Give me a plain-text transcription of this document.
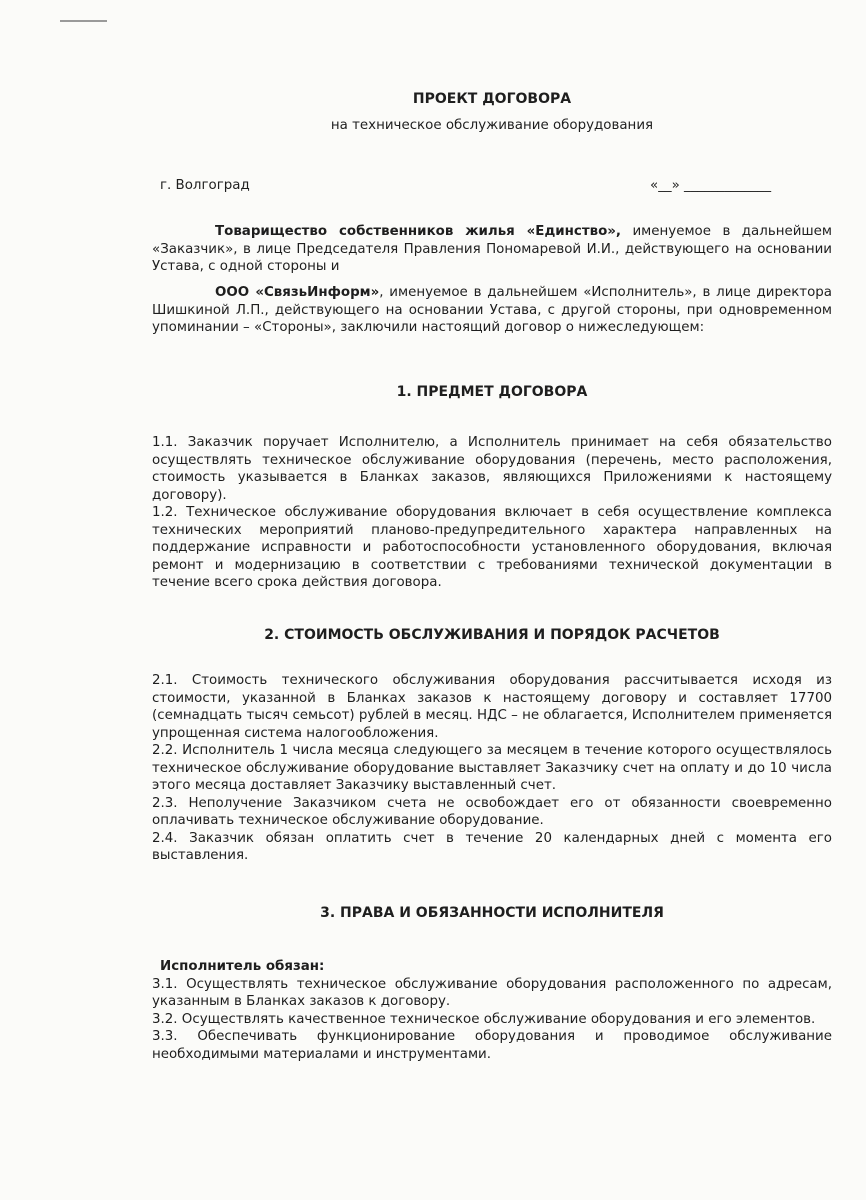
ПРОЕКТ ДОГОВОРА
на техническое обслуживание оборудования
г. Волгоград	«__» _____________
Товарищество собственников жилья «Единство», именуемое в дальнейшем «Заказчик», в лице Председателя Правления Пономаревой И.И., действующего на основании Устава, с одной стороны и
ООО «СвязьИнформ», именуемое в дальнейшем «Исполнитель», в лице директора Шишкиной Л.П., действующего на основании Устава, с другой стороны, при одновременном упоминании – «Стороны», заключили настоящий договор о нижеследующем:
1. ПРЕДМЕТ ДОГОВОРА

1.1. Заказчик поручает Исполнителю, а Исполнитель принимает на себя обязательство осуществлять техническое обслуживание оборудования (перечень, место расположения, стоимость указывается в Бланках заказов, являющихся Приложениями к настоящему договору).

1.2. Техническое обслуживание оборудования включает в себя осуществление комплекса технических мероприятий планово-предупредительного характера направленных на поддержание исправности и работоспособности установленного оборудования, включая ремонт и модернизацию в соответствии с требованиями технической документации в течение всего срока действия договора.

2. СТОИМОСТЬ ОБСЛУЖИВАНИЯ И ПОРЯДОК РАСЧЕТОВ

2.1. Стоимость технического обслуживания оборудования рассчитывается исходя из стоимости, указанной в Бланках заказов к настоящему договору и составляет 17700 (семнадцать тысяч семьсот) рублей в месяц. НДС – не облагается, Исполнителем применяется упрощенная система налогообложения.

2.2. Исполнитель 1 числа месяца следующего за месяцем в течение которого осуществлялось техническое обслуживание оборудование выставляет Заказчику счет на оплату и до 10 числа этого месяца доставляет Заказчику выставленный счет.

2.3. Неполучение Заказчиком счета не освобождает его от обязанности своевременно оплачивать техническое обслуживание оборудование.

2.4. Заказчик обязан оплатить счет в течение 20 календарных дней с момента его выставления.

3. ПРАВА И ОБЯЗАННОСТИ ИСПОЛНИТЕЛЯ

Исполнитель обязан:

3.1. Осуществлять техническое обслуживание оборудования расположенного по адресам, указанным в Бланках заказов к договору.

3.2. Осуществлять качественное техническое обслуживание оборудования и его элементов.

3.3. Обеспечивать функционирование оборудования и проводимое обслуживание необходимыми материалами и инструментами.
